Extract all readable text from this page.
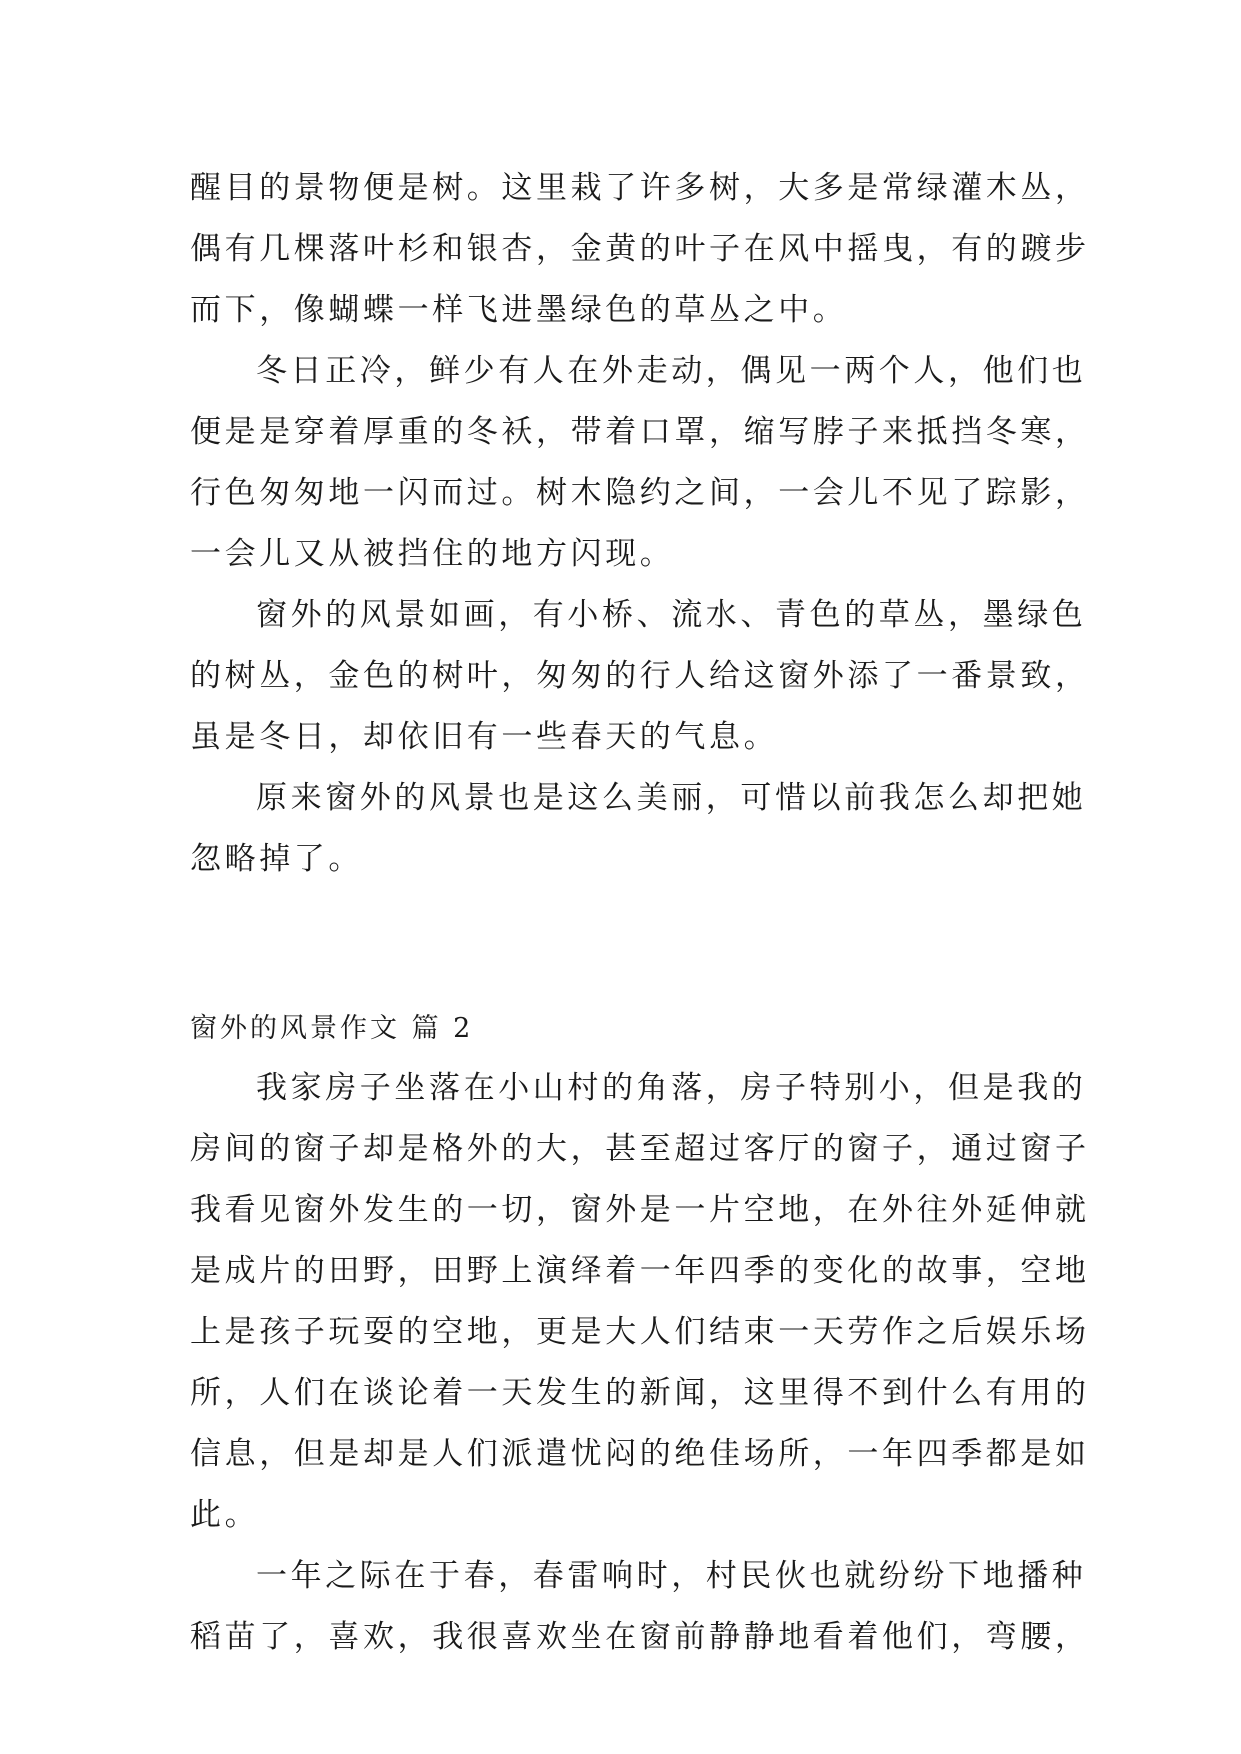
醒目的景物便是树。这里栽了许多树，大多是常绿灌木丛，
偶有几棵落叶杉和银杏，金黄的叶子在风中摇曳，有的踱步
而下，像蝴蝶一样飞进墨绿色的草丛之中。
冬日正冷，鲜少有人在外走动，偶见一两个人，他们也
便是是穿着厚重的冬袄，带着口罩，缩写脖子来抵挡冬寒，
行色匆匆地一闪而过。树木隐约之间，一会儿不见了踪影，
一会儿又从被挡住的地方闪现。
窗外的风景如画，有小桥、流水、青色的草丛，墨绿色
的树丛，金色的树叶，匆匆的行人给这窗外添了一番景致，
虽是冬日，却依旧有一些春天的气息。
原来窗外的风景也是这么美丽，可惜以前我怎么却把她
忽略掉了。
窗外的风景作文 篇 2
我家房子坐落在小山村的角落，房子特别小，但是我的
房间的窗子却是格外的大，甚至超过客厅的窗子，通过窗子
我看见窗外发生的一切，窗外是一片空地，在外往外延伸就
是成片的田野，田野上演绎着一年四季的变化的故事，空地
上是孩子玩耍的空地，更是大人们结束一天劳作之后娱乐场
所，人们在谈论着一天发生的新闻，这里得不到什么有用的
信息，但是却是人们派遣忧闷的绝佳场所，一年四季都是如
此。
一年之际在于春，春雷响时，村民伙也就纷纷下地播种
稻苗了，喜欢，我很喜欢坐在窗前静静地看着他们，弯腰，
